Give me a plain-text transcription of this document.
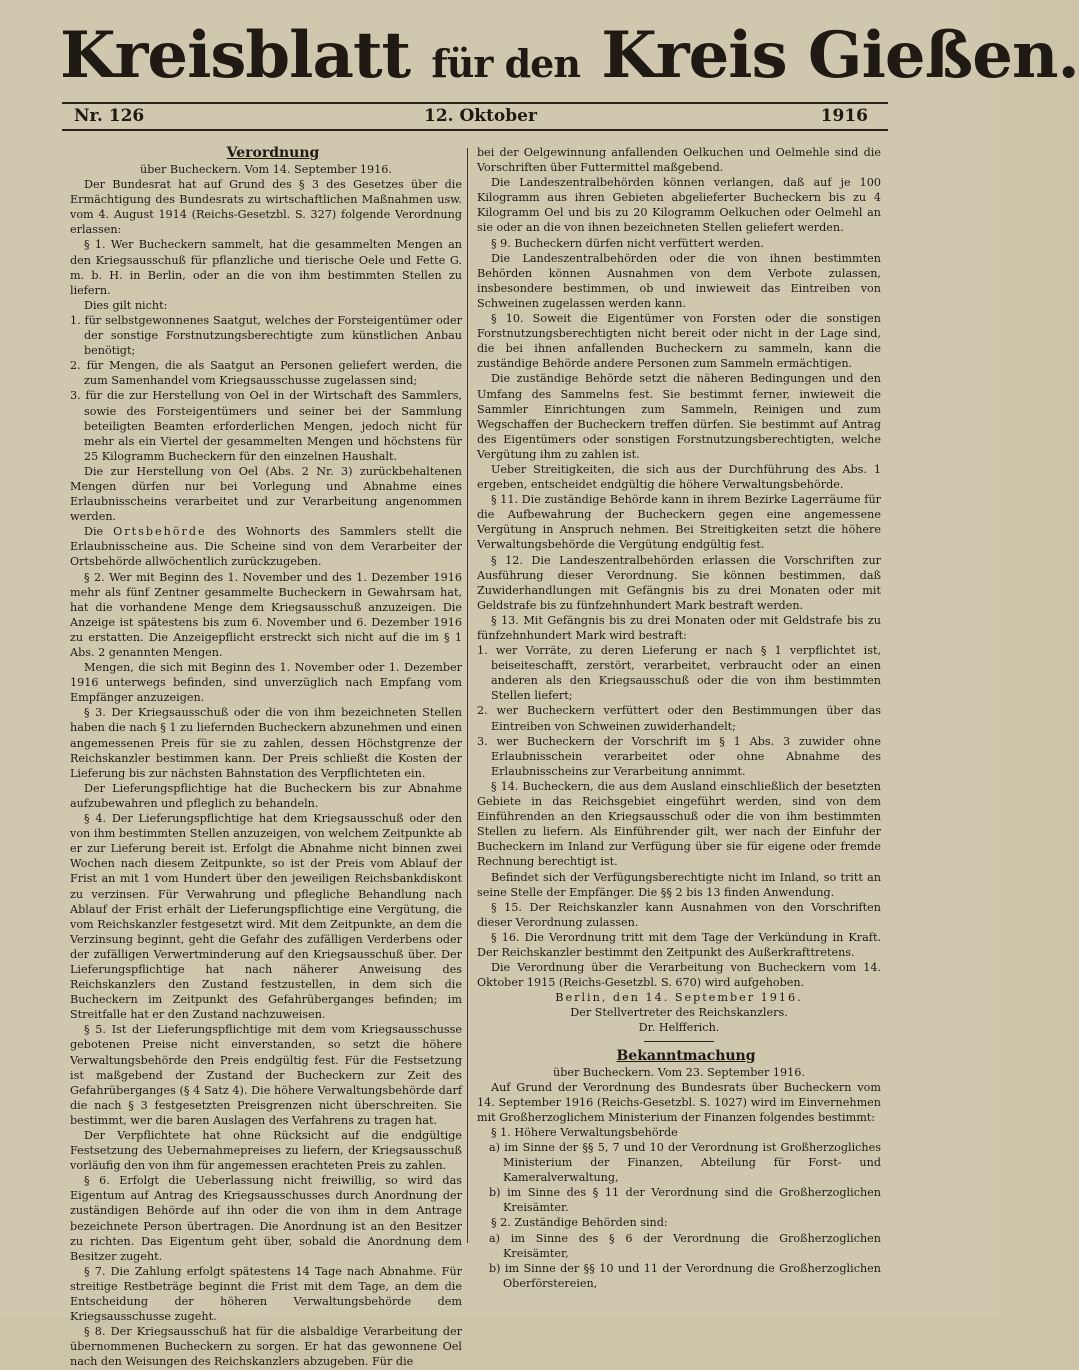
Kreisblatt für den Kreis Gießen.
Nr. 126	12. Oktober	1916

Verordnung

über Bucheckern. Vom 14. September 1916.

Der Bundesrat hat auf Grund des § 3 des Gesetzes über die Ermächtigung des Bundesrats zu wirtschaftlichen Maßnahmen usw. vom 4. August 1914 (Reichs-Gesetzbl. S. 327) folgende Verordnung erlassen:

§ 1. Wer Bucheckern sammelt, hat die gesammelten Mengen an den Kriegsausschuß für pflanzliche und tierische Oele und Fette G. m. b. H. in Berlin, oder an die von ihm bestimmten Stellen zu liefern.

Dies gilt nicht:

1. für selbstgewonnenes Saatgut, welches der Forsteigentümer oder der sonstige Forstnutzungsberechtigte zum künstlichen Anbau benötigt;

2. für Mengen, die als Saatgut an Personen geliefert werden, die zum Samenhandel vom Kriegsausschusse zugelassen sind;

3. für die zur Herstellung von Oel in der Wirtschaft des Sammlers, sowie des Forsteigentümers und seiner bei der Sammlung beteiligten Beamten erforderlichen Mengen, jedoch nicht für mehr als ein Viertel der gesammelten Mengen und höchstens für 25 Kilogramm Bucheckern für den einzelnen Haushalt.

Die zur Herstellung von Oel (Abs. 2 Nr. 3) zurückbehaltenen Mengen dürfen nur bei Vorlegung und Abnahme eines Erlaubnisscheins verarbeitet und zur Verarbeitung angenommen werden.

Die Ortsbehörde des Wohnorts des Sammlers stellt die Erlaubnisscheine aus. Die Scheine sind von dem Verarbeiter der Ortsbehörde allwöchentlich zurückzugeben.

§ 2. Wer mit Beginn des 1. November und des 1. Dezember 1916 mehr als fünf Zentner gesammelte Bucheckern in Gewahrsam hat, hat die vorhandene Menge dem Kriegsausschuß anzuzeigen. Die Anzeige ist spätestens bis zum 6. November und 6. Dezember 1916 zu erstatten. Die Anzeigepflicht erstreckt sich nicht auf die im § 1 Abs. 2 genannten Mengen.

Mengen, die sich mit Beginn des 1. November oder 1. Dezember 1916 unterwegs befinden, sind unverzüglich nach Empfang vom Empfänger anzuzeigen.

§ 3. Der Kriegsausschuß oder die von ihm bezeichneten Stellen haben die nach § 1 zu liefernden Bucheckern abzunehmen und einen angemessenen Preis für sie zu zahlen, dessen Höchstgrenze der Reichskanzler bestimmen kann. Der Preis schließt die Kosten der Lieferung bis zur nächsten Bahnstation des Verpflichteten ein.

Der Lieferungspflichtige hat die Bucheckern bis zur Abnahme aufzubewahren und pfleglich zu behandeln.

§ 4. Der Lieferungspflichtige hat dem Kriegsausschuß oder den von ihm bestimmten Stellen anzuzeigen, von welchem Zeitpunkte ab er zur Lieferung bereit ist. Erfolgt die Abnahme nicht binnen zwei Wochen nach diesem Zeitpunkte, so ist der Preis vom Ablauf der Frist an mit 1 vom Hundert über den jeweiligen Reichsbankdiskont zu verzinsen. Für Verwahrung und pflegliche Behandlung nach Ablauf der Frist erhält der Lieferungspflichtige eine Vergütung, die vom Reichskanzler festgesetzt wird. Mit dem Zeitpunkte, an dem die Verzinsung beginnt, geht die Gefahr des zufälligen Verderbens oder der zufälligen Verwertminderung auf den Kriegsausschuß über. Der Lieferungspflichtige hat nach näherer Anweisung des Reichskanzlers den Zustand festzustellen, in dem sich die Bucheckern im Zeitpunkt des Gefahrüberganges befinden; im Streitfalle hat er den Zustand nachzuweisen.

§ 5. Ist der Lieferungspflichtige mit dem vom Kriegsausschusse gebotenen Preise nicht einverstanden, so setzt die höhere Verwaltungsbehörde den Preis endgültig fest. Für die Festsetzung ist maßgebend der Zustand der Bucheckern zur Zeit des Gefahrüberganges (§ 4 Satz 4). Die höhere Verwaltungsbehörde darf die nach § 3 festgesetzten Preisgrenzen nicht überschreiten. Sie bestimmt, wer die baren Auslagen des Verfahrens zu tragen hat.

Der Verpflichtete hat ohne Rücksicht auf die endgültige Festsetzung des Uebernahmepreises zu liefern, der Kriegsausschuß vorläufig den von ihm für angemessen erachteten Preis zu zahlen.

§ 6. Erfolgt die Ueberlassung nicht freiwillig, so wird das Eigentum auf Antrag des Kriegsausschusses durch Anordnung der zuständigen Behörde auf ihn oder die von ihm in dem Antrage bezeichnete Person übertragen. Die Anordnung ist an den Besitzer zu richten. Das Eigentum geht über, sobald die Anordnung dem Besitzer zugeht.

§ 7. Die Zahlung erfolgt spätestens 14 Tage nach Abnahme. Für streitige Restbeträge beginnt die Frist mit dem Tage, an dem die Entscheidung der höheren Verwaltungsbehörde dem Kriegsausschusse zugeht.

§ 8. Der Kriegsausschuß hat für die alsbaldige Verarbeitung der übernommenen Bucheckern zu sorgen. Er hat das gewonnene Oel nach den Weisungen des Reichskanzlers abzugeben. Für die

bei der Oelgewinnung anfallenden Oelkuchen und Oelmehle sind die Vorschriften über Futtermittel maßgebend.

Die Landeszentralbehörden können verlangen, daß auf je 100 Kilogramm aus ihren Gebieten abgelieferter Bucheckern bis zu 4 Kilogramm Oel und bis zu 20 Kilogramm Oelkuchen oder Oelmehl an sie oder an die von ihnen bezeichneten Stellen geliefert werden.

§ 9. Bucheckern dürfen nicht verfüttert werden.

Die Landeszentralbehörden oder die von ihnen bestimmten Behörden können Ausnahmen von dem Verbote zulassen, insbesondere bestimmen, ob und inwieweit das Eintreiben von Schweinen zugelassen werden kann.

§ 10. Soweit die Eigentümer von Forsten oder die sonstigen Forstnutzungsberechtigten nicht bereit oder nicht in der Lage sind, die bei ihnen anfallenden Bucheckern zu sammeln, kann die zuständige Behörde andere Personen zum Sammeln ermächtigen.

Die zuständige Behörde setzt die näheren Bedingungen und den Umfang des Sammelns fest. Sie bestimmt ferner, inwieweit die Sammler Einrichtungen zum Sammeln, Reinigen und zum Wegschaffen der Bucheckern treffen dürfen. Sie bestimmt auf Antrag des Eigentümers oder sonstigen Forstnutzungsberechtigten, welche Vergütung ihm zu zahlen ist.

Ueber Streitigkeiten, die sich aus der Durchführung des Abs. 1 ergeben, entscheidet endgültig die höhere Verwaltungsbehörde.

§ 11. Die zuständige Behörde kann in ihrem Bezirke Lagerräume für die Aufbewahrung der Bucheckern gegen eine angemessene Vergütung in Anspruch nehmen. Bei Streitigkeiten setzt die höhere Verwaltungsbehörde die Vergütung endgültig fest.

§ 12. Die Landeszentralbehörden erlassen die Vorschriften zur Ausführung dieser Verordnung. Sie können bestimmen, daß Zuwiderhandlungen mit Gefängnis bis zu drei Monaten oder mit Geldstrafe bis zu fünfzehnhundert Mark bestraft werden.

§ 13. Mit Gefängnis bis zu drei Monaten oder mit Geldstrafe bis zu fünfzehnhundert Mark wird bestraft:

1. wer Vorräte, zu deren Lieferung er nach § 1 verpflichtet ist, beiseiteschafft, zerstört, verarbeitet, verbraucht oder an einen anderen als den Kriegsausschuß oder die von ihm bestimmten Stellen liefert;

2. wer Bucheckern verfüttert oder den Bestimmungen über das Eintreiben von Schweinen zuwiderhandelt;

3. wer Bucheckern der Vorschrift im § 1 Abs. 3 zuwider ohne Erlaubnisschein verarbeitet oder ohne Abnahme des Erlaubnisscheins zur Verarbeitung annimmt.

§ 14. Bucheckern, die aus dem Ausland einschließlich der besetzten Gebiete in das Reichsgebiet eingeführt werden, sind von dem Einführenden an den Kriegsausschuß oder die von ihm bestimmten Stellen zu liefern. Als Einführender gilt, wer nach der Einfuhr der Bucheckern im Inland zur Verfügung über sie für eigene oder fremde Rechnung berechtigt ist.

Befindet sich der Verfügungsberechtigte nicht im Inland, so tritt an seine Stelle der Empfänger. Die §§ 2 bis 13 finden Anwendung.

§ 15. Der Reichskanzler kann Ausnahmen von den Vorschriften dieser Verordnung zulassen.

§ 16. Die Verordnung tritt mit dem Tage der Verkündung in Kraft. Der Reichskanzler bestimmt den Zeitpunkt des Außerkrafttretens.

Die Verordnung über die Verarbeitung von Bucheckern vom 14. Oktober 1915 (Reichs-Gesetzbl. S. 670) wird aufgehoben.

Berlin, den 14. September 1916.

Der Stellvertreter des Reichskanzlers.

Dr. Helfferich.

Bekanntmachung

über Bucheckern. Vom 23. September 1916.

Auf Grund der Verordnung des Bundesrats über Bucheckern vom 14. September 1916 (Reichs-Gesetzbl. S. 1027) wird im Einvernehmen mit Großherzoglichem Ministerium der Finanzen folgendes bestimmt:

§ 1. Höhere Verwaltungsbehörde

a) im Sinne der §§ 5, 7 und 10 der Verordnung ist Großherzogliches Ministerium der Finanzen, Abteilung für Forst- und Kameralverwaltung,

b) im Sinne des § 11 der Verordnung sind die Großherzoglichen Kreisämter.

§ 2. Zuständige Behörden sind:

a) im Sinne des § 6 der Verordnung die Großherzoglichen Kreisämter,

b) im Sinne der §§ 10 und 11 der Verordnung die Großherzoglichen Oberförstereien,
